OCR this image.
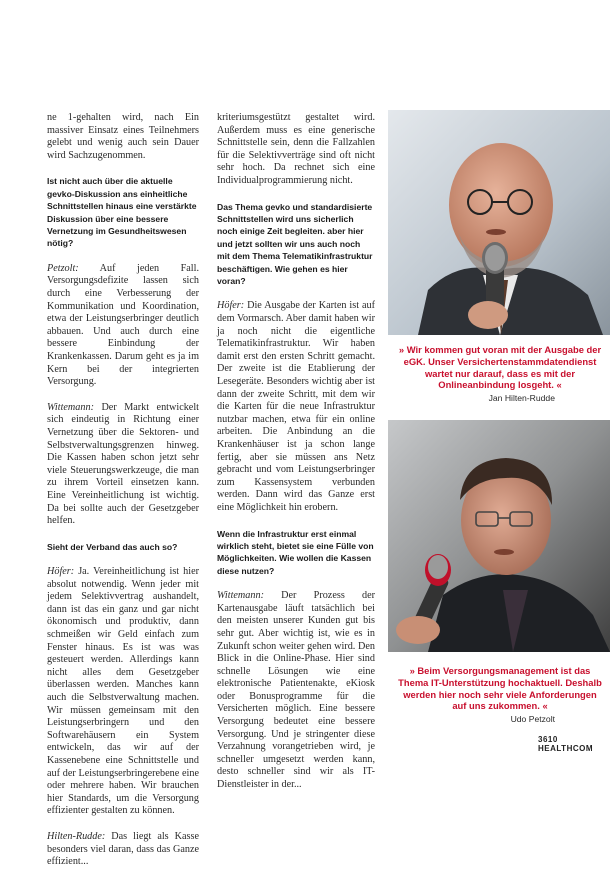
ne 1-gehalten wird, nach Ein massiver Einsatz eines Teilnehmers gelebt und wenig auch sein Dauer wird Sachzugenommen.

Ist nicht auch über die aktuelle gevko-Diskussion ans einheitliche Schnittstellen hinaus eine verstärkte Diskussion über eine bessere Vernetzung im Gesundheitswesen nötig?

Petzolt: Auf jeden Fall. Versorgungsdefizite lassen sich durch eine Verbesserung der Kommunikation und Koordination, etwa der Leistungserbringer deutlich abbauen. Und auch durch eine bessere Einbindung der Krankenkassen. Darum geht es ja im Kern bei der integrierten Versorgung.

Wittemann: Der Markt entwickelt sich eindeutig in Richtung einer Vernetzung über die Sektoren- und Selbstverwaltungsgrenzen hinweg. Die Kassen haben schon jetzt sehr viele Steuerungswerkzeuge, die man zu ihrem Vorteil einsetzen kann. Eine Vereinheitlichung ist wichtig. Da bei sollte auch der Gesetzgeber helfen.

Sieht der Verband das auch so?

Höfer: Ja. Vereinheitlichung ist hier absolut notwendig. Wenn jeder mit jedem Selektivvertrag aushandelt, dann ist das ein ganz und gar nicht ökonomisch und produktiv, dann schmeißen wir Geld einfach zum Fenster hinaus. Es ist was was gesteuert werden. Allerdings kann nicht alles dem Gesetzgeber überlassen werden. Manches kann auch die Selbstverwaltung machen. Wir müssen gemeinsam mit den Leistungserbringern und den Softwarehäusern ein System entwickeln, das wir auf der Kassenebene eine Schnittstelle und auf der Leistungserbringerebene eine oder mehrere haben. Wir brauchen hier Standards, um die Versorgung effizienter gestalten zu können.

Hilten-Rudde: Das liegt als Kasse besonders viel daran, dass das Ganze effizient...

kriteriumsgestützt gestaltet wird. Außerdem muss es eine generische Schnittstelle sein, denn die Fallzahlen für die Selektivverträge sind oft nicht sehr hoch. Da rechnet sich eine Individualprogrammierung nicht.

Das Thema gevko und standardisierte Schnittstellen wird uns sicherlich noch einige Zeit begleiten. aber hier und jetzt sollten wir uns auch noch mit dem Thema Telematikinfrastruktur beschäftigen. Wie gehen es hier voran?

Höfer: Die Ausgabe der Karten ist auf dem Vormarsch. Aber damit haben wir ja noch nicht die eigentliche Telematikinfrastruktur. Wir haben damit erst den ersten Schritt gemacht. Der zweite ist die Etablierung der Lesegeräte. Besonders wichtig aber ist dann der zweite Schritt, mit dem wir die Karten für die neue Infrastruktur nutzbar machen, etwa für ein online arbeiten. Die Anbindung an die Krankenhäuser ist ja schon lange fertig, aber sie müssen ans Netz gebracht und vom Leistungserbringer zum Kassensystem verbunden werden. Dann wird das Ganze erst eine Möglichkeit hin erobern.

Wenn die Infrastruktur erst einmal wirklich steht, bietet sie eine Fülle von Möglichkeiten. Wie wollen die Kassen diese nutzen?

Wittemann: Der Prozess der Kartenausgabe läuft tatsächlich bei den meisten unserer Kunden gut bis sehr gut. Aber wichtig ist, wie es in Zukunft schon weiter gehen wird. Den Blick in die Online-Phase. Hier sind schnelle Lösungen wie eine elektronische Patientenakte, eKiosk oder Bonusprogramme für die Versicherten möglich. Eine bessere Versorgung bedeutet eine bessere Versorgung. Und je stringenter diese Verzahnung vorangetrieben wird, je schneller umgesetzt werden kann, desto schneller sind wir als IT-Dienstleister in der...

» Wir kommen gut voran mit der Ausgabe der eGK. Unser Versichertenstammdatendienst wartet nur darauf, dass es mit der Onlineanbindung losgeht. «
Jan Hilten-Rudde
» Beim Versorgungsmanagement ist das Thema IT-Unterstützung hochaktuell. Deshalb werden hier noch sehr viele Anforderungen auf uns zukommen. «
Udo Petzolt
3610 HEALTHCOM
